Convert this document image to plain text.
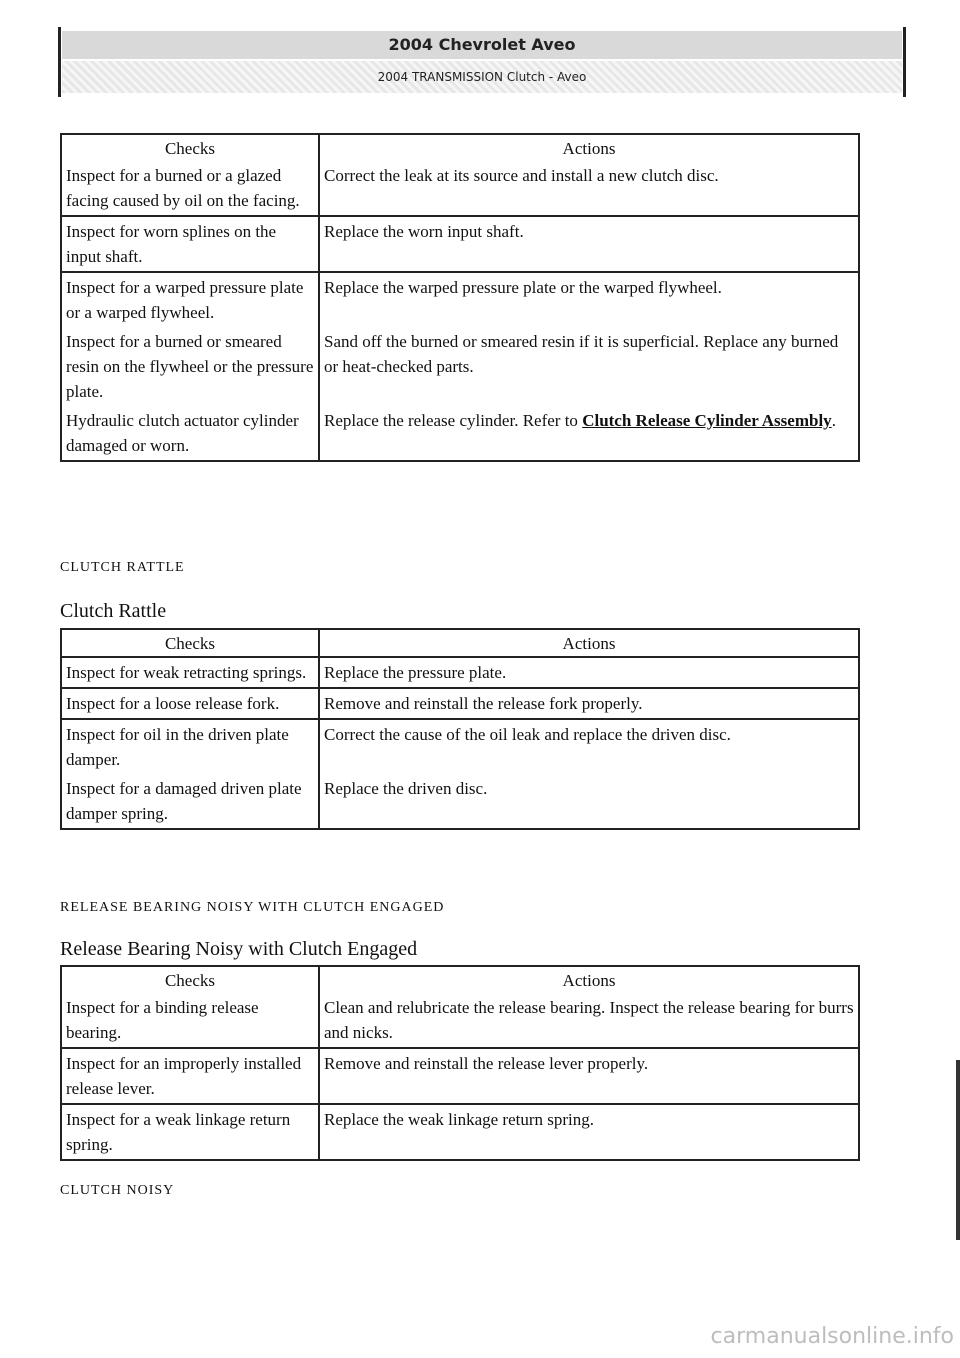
2004 Chevrolet Aveo
2004 TRANSMISSION Clutch - Aveo
Checks	Actions
Inspect for a burned or a glazed facing caused by oil on the facing.	Correct the leak at its source and install a new clutch disc.
Inspect for worn splines on the input shaft.	Replace the worn input shaft.
Inspect for a warped pressure plate or a warped flywheel.	Replace the warped pressure plate or the warped flywheel.
Inspect for a burned or smeared resin on the flywheel or the pressure plate.	Sand off the burned or smeared resin if it is superficial. Replace any burned or heat-checked parts.
Hydraulic clutch actuator cylinder damaged or worn.	Replace the release cylinder. Refer to Clutch Release Cylinder Assembly.
CLUTCH RATTLE
Clutch Rattle
Checks	Actions
Inspect for weak retracting springs.	Replace the pressure plate.
Inspect for a loose release fork.	Remove and reinstall the release fork properly.
Inspect for oil in the driven plate damper.	Correct the cause of the oil leak and replace the driven disc.
Inspect for a damaged driven plate damper spring.	Replace the driven disc.
RELEASE BEARING NOISY WITH CLUTCH ENGAGED
Release Bearing Noisy with Clutch Engaged
Checks	Actions
Inspect for a binding release bearing.	Clean and relubricate the release bearing. Inspect the release bearing for burrs and nicks.
Inspect for an improperly installed release lever.	Remove and reinstall the release lever properly.
Inspect for a weak linkage return spring.	Replace the weak linkage return spring.
CLUTCH NOISY
carmanualsonline.info
